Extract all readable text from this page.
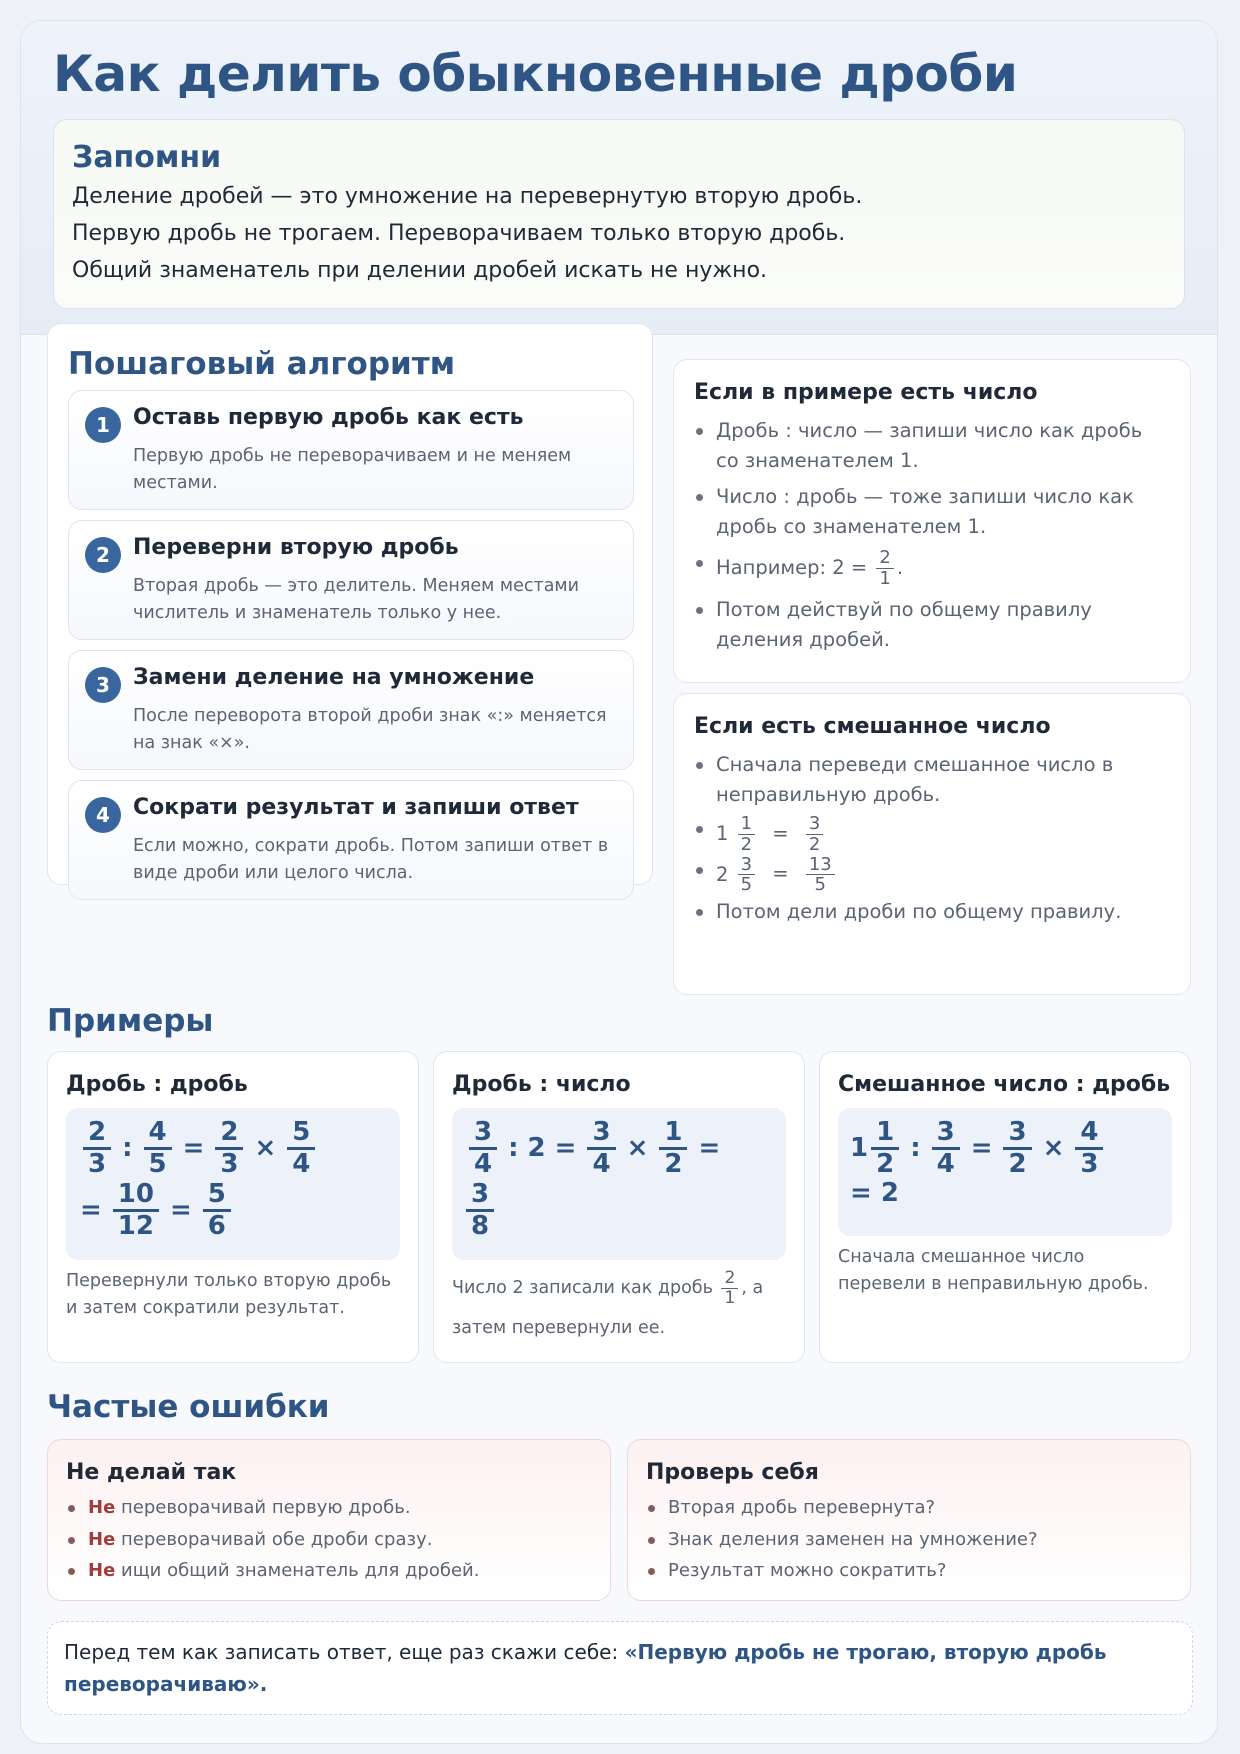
Как делить обыкновенные дроби
Запомни

Деление дробей — это умножение на перевернутую вторую дробь.

Первую дробь не трогаем. Переворачиваем только вторую дробь.

Общий знаменатель при делении дробей искать не нужно.

Пошаговый алгоритм
1	Оставь первую дробь как есть
Первую дробь не переворачиваем и не меняем местами.
2	Переверни вторую дробь
Вторая дробь — это делитель. Меняем местами числитель и знаменатель только у нее.
3	Замени деление на умножение
После переворота второй дроби знак «:» меняется на знак «×».
4	Сократи результат и запиши ответ
Если можно, сократи дробь. Потом запиши ответ в виде дроби или целого числа.
Если в примере есть число
Дробь : число — запиши число как дробь со знаменателем 1.
Число : дробь — тоже запиши число как дробь со знаменателем 1.
Например: $2 = \frac{2}{1}$ .
Потом действуй по общему правилу деления дробей.
Если есть смешанное число
Сначала переведи смешанное число в неправильную дробь.
$1 \frac{1}{2} = \frac{3}{2}$
$2 \frac{3}{5} = \frac{13}{5}$
Потом дели дроби по общему правилу.
Примеры
Дробь : дробь
$\frac{2}{3}$ : $\frac{4}{5} = \frac{2}{3} \times \frac{5}{4}$
= $\frac{10}{12} = \frac{5}{6}$
Перевернули только вторую дробь и затем сократили результат.
Дробь : число
$\frac{3}{4}$ : $2 = \frac{3}{4} \times \frac{1}{2}$ =
$\frac{3}{8}$
Число 2 записали как дробь $\frac{2}{1}$ , а
затем перевернули ее.
Смешанное число : дробь
$1 \frac{1}{2}$ : $\frac{3}{4} = \frac{3}{2} \times \frac{4}{3}$
= 2
Сначала смешанное число перевели в неправильную дробь.
Частые ошибки
Не делай так
Не переворачивай первую дробь.
Не переворачивай обе дроби сразу.
Не ищи общий знаменатель для дробей.
Проверь себя
Вторая дробь перевернута?
Знак деления заменен на умножение?
Результат можно сократить?
Перед тем как записать ответ, еще раз скажи себе: «Первую дробь не трогаю, вторую дробь переворачиваю».
